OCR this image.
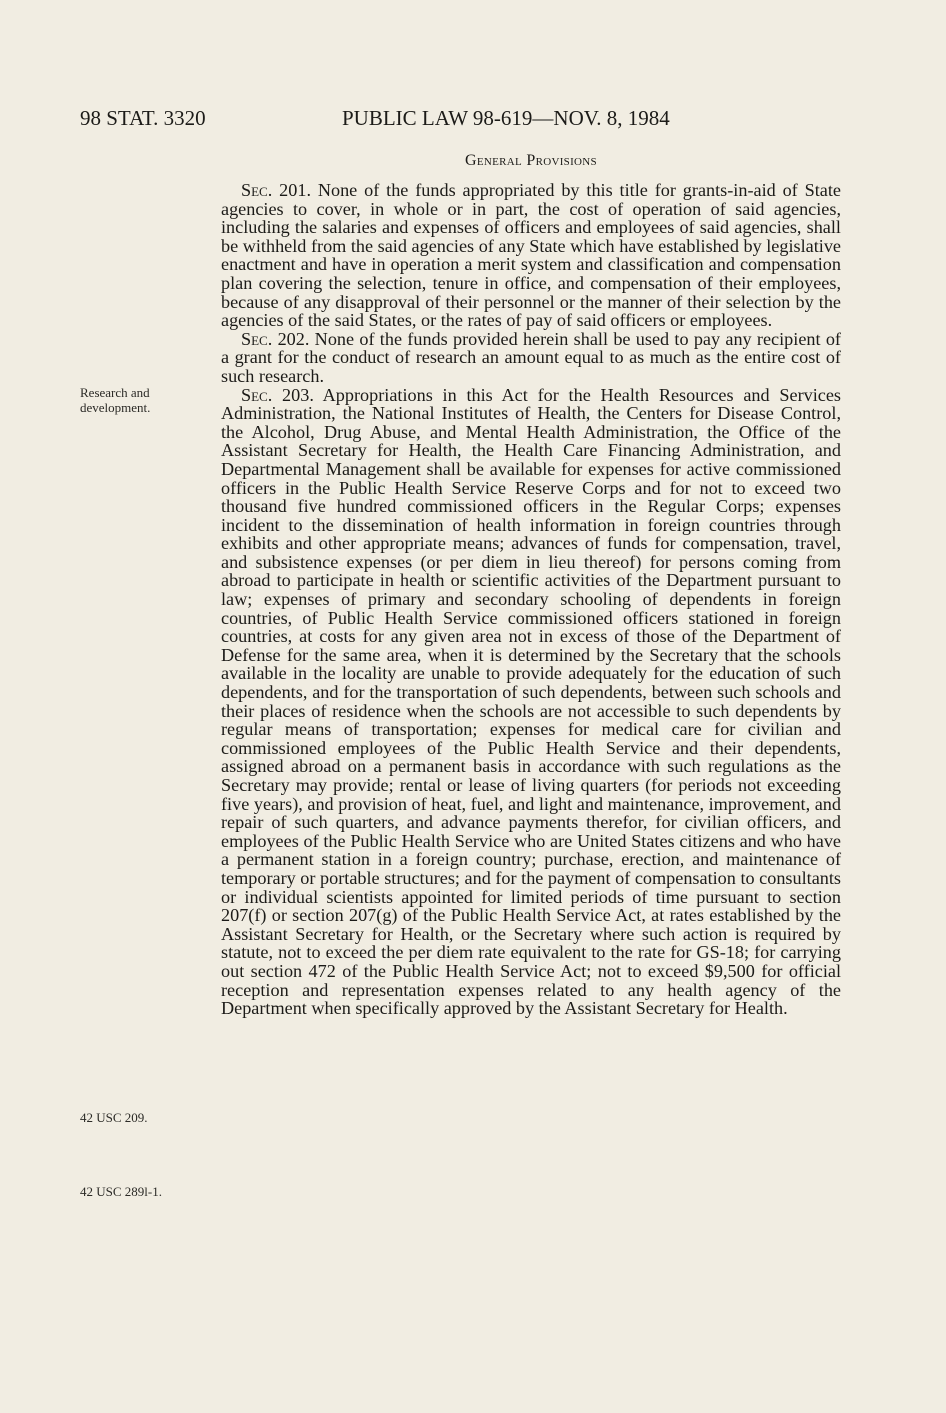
98 STAT. 3320	PUBLIC LAW 98-619—NOV. 8, 1984
General Provisions
Research and development.
42 USC 209.
42 USC 289l-1.

Sec. 201. None of the funds appropriated by this title for grants-in-aid of State agencies to cover, in whole or in part, the cost of operation of said agencies, including the salaries and expenses of officers and employees of said agencies, shall be withheld from the said agencies of any State which have established by legislative enactment and have in operation a merit system and classification and compensation plan covering the selection, tenure in office, and compensation of their employees, because of any disapproval of their personnel or the manner of their selection by the agencies of the said States, or the rates of pay of said officers or employees.

Sec. 202. None of the funds provided herein shall be used to pay any recipient of a grant for the conduct of research an amount equal to as much as the entire cost of such research.

Sec. 203. Appropriations in this Act for the Health Resources and Services Administration, the National Institutes of Health, the Centers for Disease Control, the Alcohol, Drug Abuse, and Mental Health Administration, the Office of the Assistant Secretary for Health, the Health Care Financing Administration, and Departmental Management shall be available for expenses for active commissioned officers in the Public Health Service Reserve Corps and for not to exceed two thousand five hundred commissioned officers in the Regular Corps; expenses incident to the dissemination of health information in foreign countries through exhibits and other appropriate means; advances of funds for compensation, travel, and subsistence expenses (or per diem in lieu thereof) for persons coming from abroad to participate in health or scientific activities of the Department pursuant to law; expenses of primary and secondary schooling of dependents in foreign countries, of Public Health Service commissioned officers stationed in foreign countries, at costs for any given area not in excess of those of the Department of Defense for the same area, when it is determined by the Secretary that the schools available in the locality are unable to provide adequately for the education of such dependents, and for the transportation of such dependents, between such schools and their places of residence when the schools are not accessible to such dependents by regular means of transportation; expenses for medical care for civilian and commissioned employees of the Public Health Service and their dependents, assigned abroad on a permanent basis in accordance with such regulations as the Secretary may provide; rental or lease of living quarters (for periods not exceeding five years), and provision of heat, fuel, and light and maintenance, improvement, and repair of such quarters, and advance payments therefor, for civilian officers, and employees of the Public Health Service who are United States citizens and who have a permanent station in a foreign country; purchase, erection, and maintenance of temporary or portable structures; and for the payment of compensation to consultants or individual scientists appointed for limited periods of time pursuant to section 207(f) or section 207(g) of the Public Health Service Act, at rates established by the Assistant Secretary for Health, or the Secretary where such action is required by statute, not to exceed the per diem rate equivalent to the rate for GS-18; for carrying out section 472 of the Public Health Service Act; not to exceed $9,500 for official reception and representation expenses related to any health agency of the Department when specifically approved by the Assistant Secretary for Health.
